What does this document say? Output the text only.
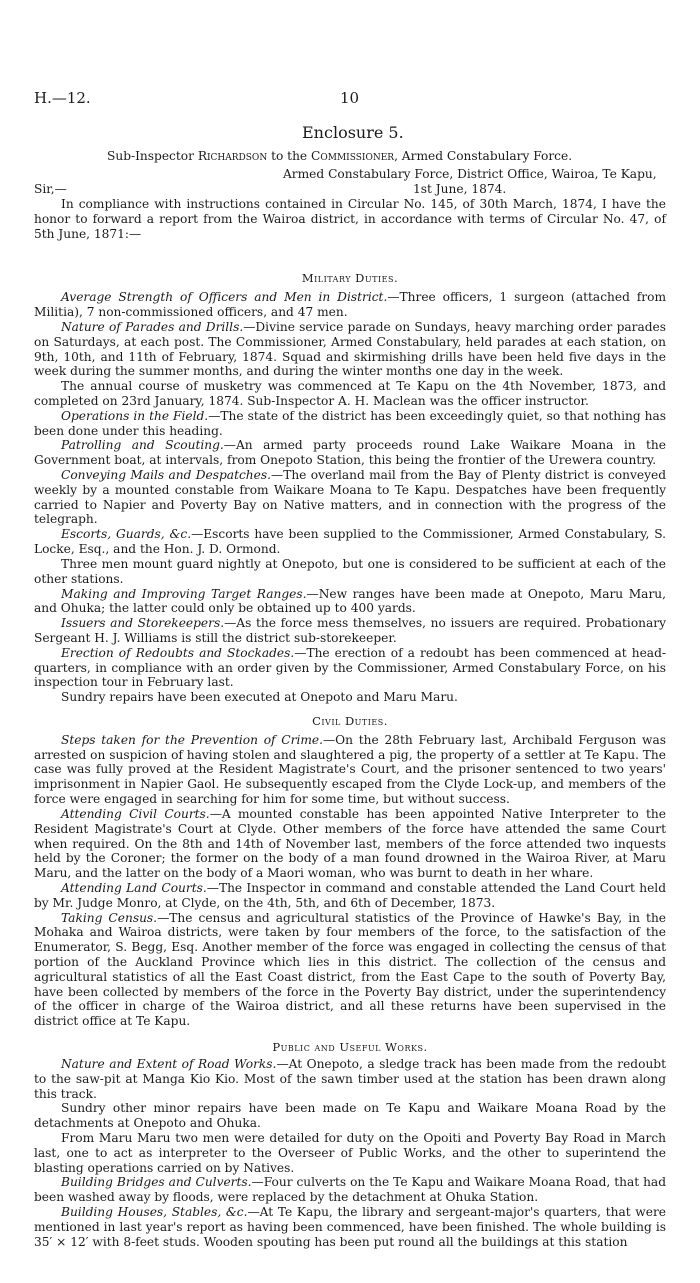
H.—12.	10
Enclosure 5.
Sub-Inspector Richardson to the Commissioner, Armed Constabulary Force.
Armed Constabulary Force, District Office, Wairoa, Te Kapu,
Sir,—	1st June, 1874.

In compliance with instructions contained in Circular No. 145, of 30th March, 1874, I have the honor to forward a report from the Wairoa district, in accordance with terms of Circular No. 47, of 5th June, 1871:—

Military Duties.

Average Strength of Officers and Men in District.—Three officers, 1 surgeon (attached from Militia), 7 non-commissioned officers, and 47 men.

Nature of Parades and Drills.—Divine service parade on Sundays, heavy marching order parades on Saturdays, at each post. The Commissioner, Armed Constabulary, held parades at each station, on 9th, 10th, and 11th of February, 1874. Squad and skirmishing drills have been held five days in the week during the summer months, and during the winter months one day in the week.

The annual course of musketry was commenced at Te Kapu on the 4th November, 1873, and completed on 23rd January, 1874. Sub-Inspector A. H. Maclean was the officer instructor.

Operations in the Field.—The state of the district has been exceedingly quiet, so that nothing has been done under this heading.

Patrolling and Scouting.—An armed party proceeds round Lake Waikare Moana in the Government boat, at intervals, from Onepoto Station, this being the frontier of the Urewera country.

Conveying Mails and Despatches.—The overland mail from the Bay of Plenty district is conveyed weekly by a mounted constable from Waikare Moana to Te Kapu. Despatches have been frequently carried to Napier and Poverty Bay on Native matters, and in connection with the progress of the telegraph.

Escorts, Guards, &c.—Escorts have been supplied to the Commissioner, Armed Constabulary, S. Locke, Esq., and the Hon. J. D. Ormond.

Three men mount guard nightly at Onepoto, but one is considered to be sufficient at each of the other stations.

Making and Improving Target Ranges.—New ranges have been made at Onepoto, Maru Maru, and Ohuka; the latter could only be obtained up to 400 yards.

Issuers and Storekeepers.—As the force mess themselves, no issuers are required. Probationary Sergeant H. J. Williams is still the district sub-storekeeper.

Erection of Redoubts and Stockades.—The erection of a redoubt has been commenced at head-quarters, in compliance with an order given by the Commissioner, Armed Constabulary Force, on his inspection tour in February last.

Sundry repairs have been executed at Onepoto and Maru Maru.

Civil Duties.

Steps taken for the Prevention of Crime.—On the 28th February last, Archibald Ferguson was arrested on suspicion of having stolen and slaughtered a pig, the property of a settler at Te Kapu. The case was fully proved at the Resident Magistrate's Court, and the prisoner sentenced to two years' imprisonment in Napier Gaol. He subsequently escaped from the Clyde Lock-up, and members of the force were engaged in searching for him for some time, but without success.

Attending Civil Courts.—A mounted constable has been appointed Native Interpreter to the Resident Magistrate's Court at Clyde. Other members of the force have attended the same Court when required. On the 8th and 14th of November last, members of the force attended two inquests held by the Coroner; the former on the body of a man found drowned in the Wairoa River, at Maru Maru, and the latter on the body of a Maori woman, who was burnt to death in her whare.

Attending Land Courts.—The Inspector in command and constable attended the Land Court held by Mr. Judge Monro, at Clyde, on the 4th, 5th, and 6th of December, 1873.

Taking Census.—The census and agricultural statistics of the Province of Hawke's Bay, in the Mohaka and Wairoa districts, were taken by four members of the force, to the satisfaction of the Enumerator, S. Begg, Esq. Another member of the force was engaged in collecting the census of that portion of the Auckland Province which lies in this district. The collection of the census and agricultural statistics of all the East Coast district, from the East Cape to the south of Poverty Bay, have been collected by members of the force in the Poverty Bay district, under the superintendency of the officer in charge of the Wairoa district, and all these returns have been supervised in the district office at Te Kapu.

Public and Useful Works.

Nature and Extent of Road Works.—At Onepoto, a sledge track has been made from the redoubt to the saw-pit at Manga Kio Kio. Most of the sawn timber used at the station has been drawn along this track.

Sundry other minor repairs have been made on Te Kapu and Waikare Moana Road by the detachments at Onepoto and Ohuka.

From Maru Maru two men were detailed for duty on the Opoiti and Poverty Bay Road in March last, one to act as interpreter to the Overseer of Public Works, and the other to superintend the blasting operations carried on by Natives.

Building Bridges and Culverts.—Four culverts on the Te Kapu and Waikare Moana Road, that had been washed away by floods, were replaced by the detachment at Ohuka Station.

Building Houses, Stables, &c.—At Te Kapu, the library and sergeant-major's quarters, that were mentioned in last year's report as having been commenced, have been finished. The whole building is 35′ × 12′ with 8-feet studs. Wooden spouting has been put round all the buildings at this station
